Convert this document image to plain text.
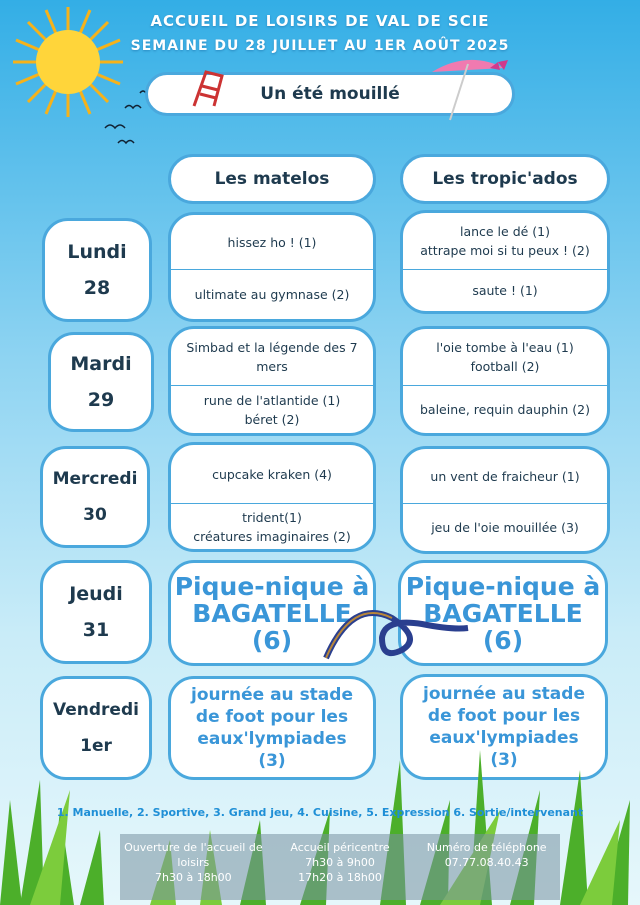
ACCUEIL DE LOISIRS DE VAL DE SCIE
SEMAINE DU 28 JUILLET AU 1ER AOÛT 2025
Un été mouillé
Les matelos	Les tropic'ados
Lundi
28
hissez ho ! (1)
ultimate au gymnase (2)
lance le dé (1)
attrape moi si tu peux ! (2)
saute ! (1)
Mardi
29
Simbad et la légende des 7 mers
rune de l'atlantide (1)
béret (2)
l'oie tombe à l'eau (1)
football (2)
baleine, requin dauphin (2)
Mercredi
30
cupcake kraken (4)
trident(1)
créatures imaginaires (2)
un vent de fraicheur (1)
jeu de l'oie mouillée (3)
Jeudi
31
Pique-nique à BAGATELLE (6)
Pique-nique à BAGATELLE (6)
Vendredi
1er
journée au stade de foot pour les eaux'lympiades (3)
journée au stade de foot pour les eaux'lympiades (3)
1. Manuelle, 2. Sportive, 3. Grand jeu, 4. Cuisine, 5. Expression 6. Sortie/intervenant
Ouverture de l'accueil de loisirs
7h30 à 18h00
Accueil péricentre
7h30 à 9h00
17h20 à 18h00
Numéro de téléphone
07.77.08.40.43
